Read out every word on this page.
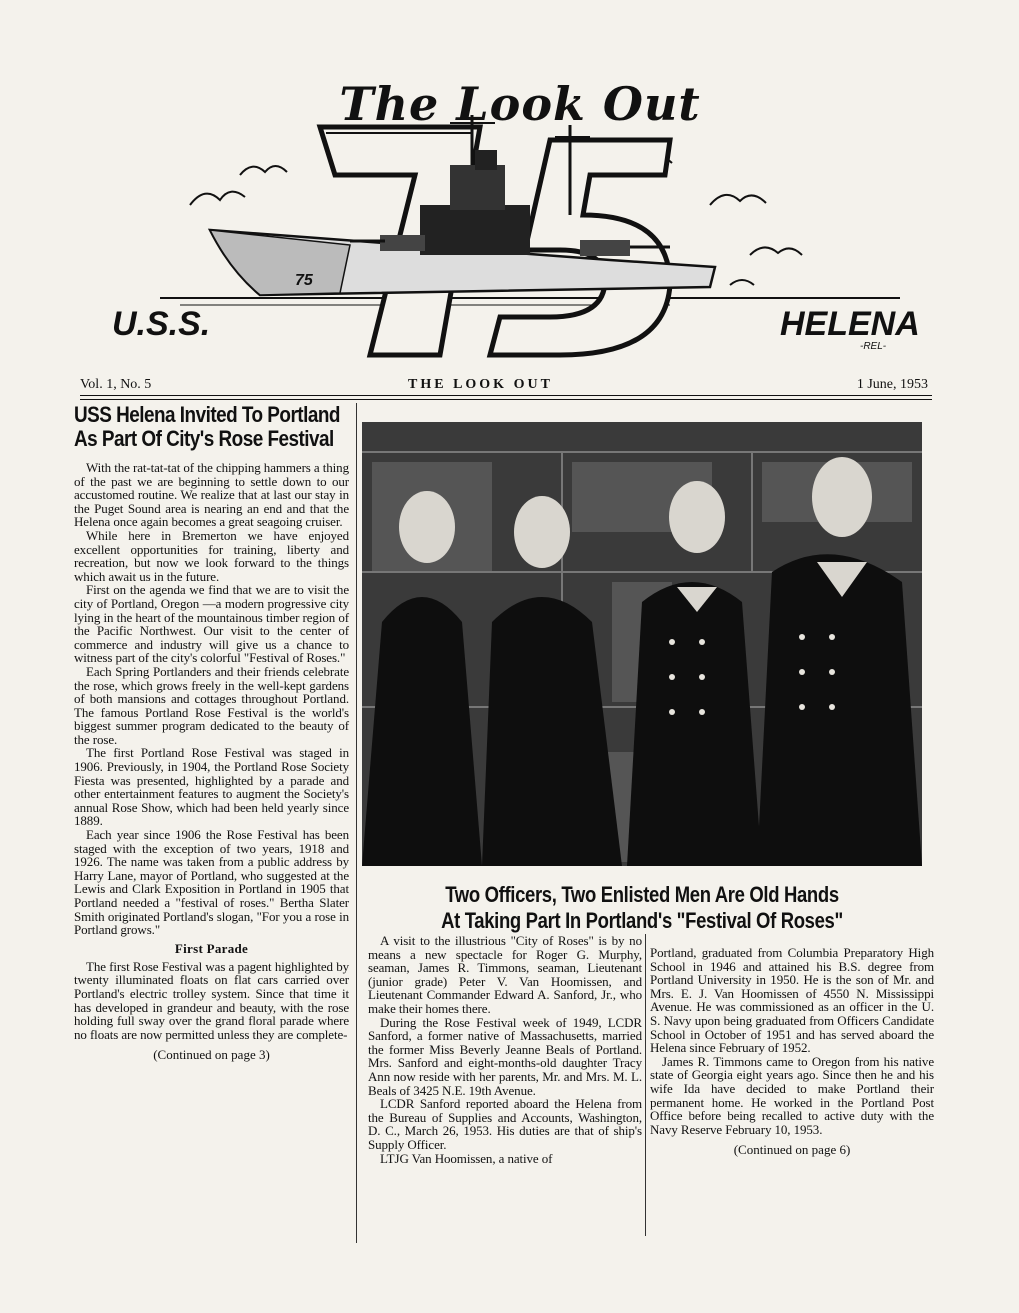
75
The Look Out
U.S.S.	HELENA
-REL-
Vol. 1, No. 5	THE LOOK OUT	1 June, 1953
USS Helena Invited To Portland
As Part Of City's Rose Festival

With the rat-tat-tat of the chipping hammers a thing of the past we are beginning to settle down to our accustomed routine. We realize that at last our stay in the Puget Sound area is nearing an end and that the Helena once again becomes a great seagoing cruiser.

While here in Bremerton we have enjoyed excellent opportunities for training, liberty and recreation, but now we look forward to the things which await us in the future.

First on the agenda we find that we are to visit the city of Portland, Oregon —a modern progressive city lying in the heart of the mountainous timber region of the Pacific Northwest. Our visit to the center of commerce and industry will give us a chance to witness part of the city's colorful "Festival of Roses."

Each Spring Portlanders and their friends celebrate the rose, which grows freely in the well-kept gardens of both mansions and cottages throughout Portland. The famous Portland Rose Festival is the world's biggest summer program dedicated to the beauty of the rose.

The first Portland Rose Festival was staged in 1906. Previously, in 1904, the Portland Rose Society Fiesta was presented, highlighted by a parade and other entertainment features to augment the Society's annual Rose Show, which had been held yearly since 1889.

Each year since 1906 the Rose Festival has been staged with the exception of two years, 1918 and 1926. The name was taken from a public address by Harry Lane, mayor of Portland, who suggested at the Lewis and Clark Exposition in Portland in 1905 that Portland needed a "festival of roses." Bertha Slater Smith originated Portland's slogan, "For you a rose in Portland grows."

First Parade

The first Rose Festival was a pagent highlighted by twenty illuminated floats on flat cars carried over Portland's electric trolley system. Since that time it has developed in grandeur and beauty, with the rose holding full sway over the grand floral parade where no floats are now permitted unless they are complete-

(Continued on page 3)
Two Officers, Two Enlisted Men Are Old Hands
At Taking Part In Portland's "Festival Of Roses"

A visit to the illustrious "City of Roses" is by no means a new spectacle for Roger G. Murphy, seaman, James R. Timmons, seaman, Lieutenant (junior grade) Peter V. Van Hoomissen, and Lieutenant Commander Edward A. Sanford, Jr., who make their homes there.

During the Rose Festival week of 1949, LCDR Sanford, a former native of Massachusetts, married the former Miss Beverly Jeanne Beals of Portland. Mrs. Sanford and eight-months-old daughter Tracy Ann now reside with her parents, Mr. and Mrs. M. L. Beals of 3425 N.E. 19th Avenue.

LCDR Sanford reported aboard the Helena from the Bureau of Supplies and Accounts, Washington, D. C., March 26, 1953. His duties are that of ship's Supply Officer.

LTJG Van Hoomissen, a native of

Portland, graduated from Columbia Preparatory High School in 1946 and attained his B.S. degree from Portland University in 1950. He is the son of Mr. and Mrs. E. J. Van Hoomissen of 4550 N. Mississippi Avenue. He was commissioned as an officer in the U. S. Navy upon being graduated from Officers Candidate School in October of 1951 and has served aboard the Helena since February of 1952.

James R. Timmons came to Oregon from his native state of Georgia eight years ago. Since then he and his wife Ida have decided to make Portland their permanent home. He worked in the Portland Post Office before being recalled to active duty with the Navy Reserve February 10, 1953.

(Continued on page 6)
